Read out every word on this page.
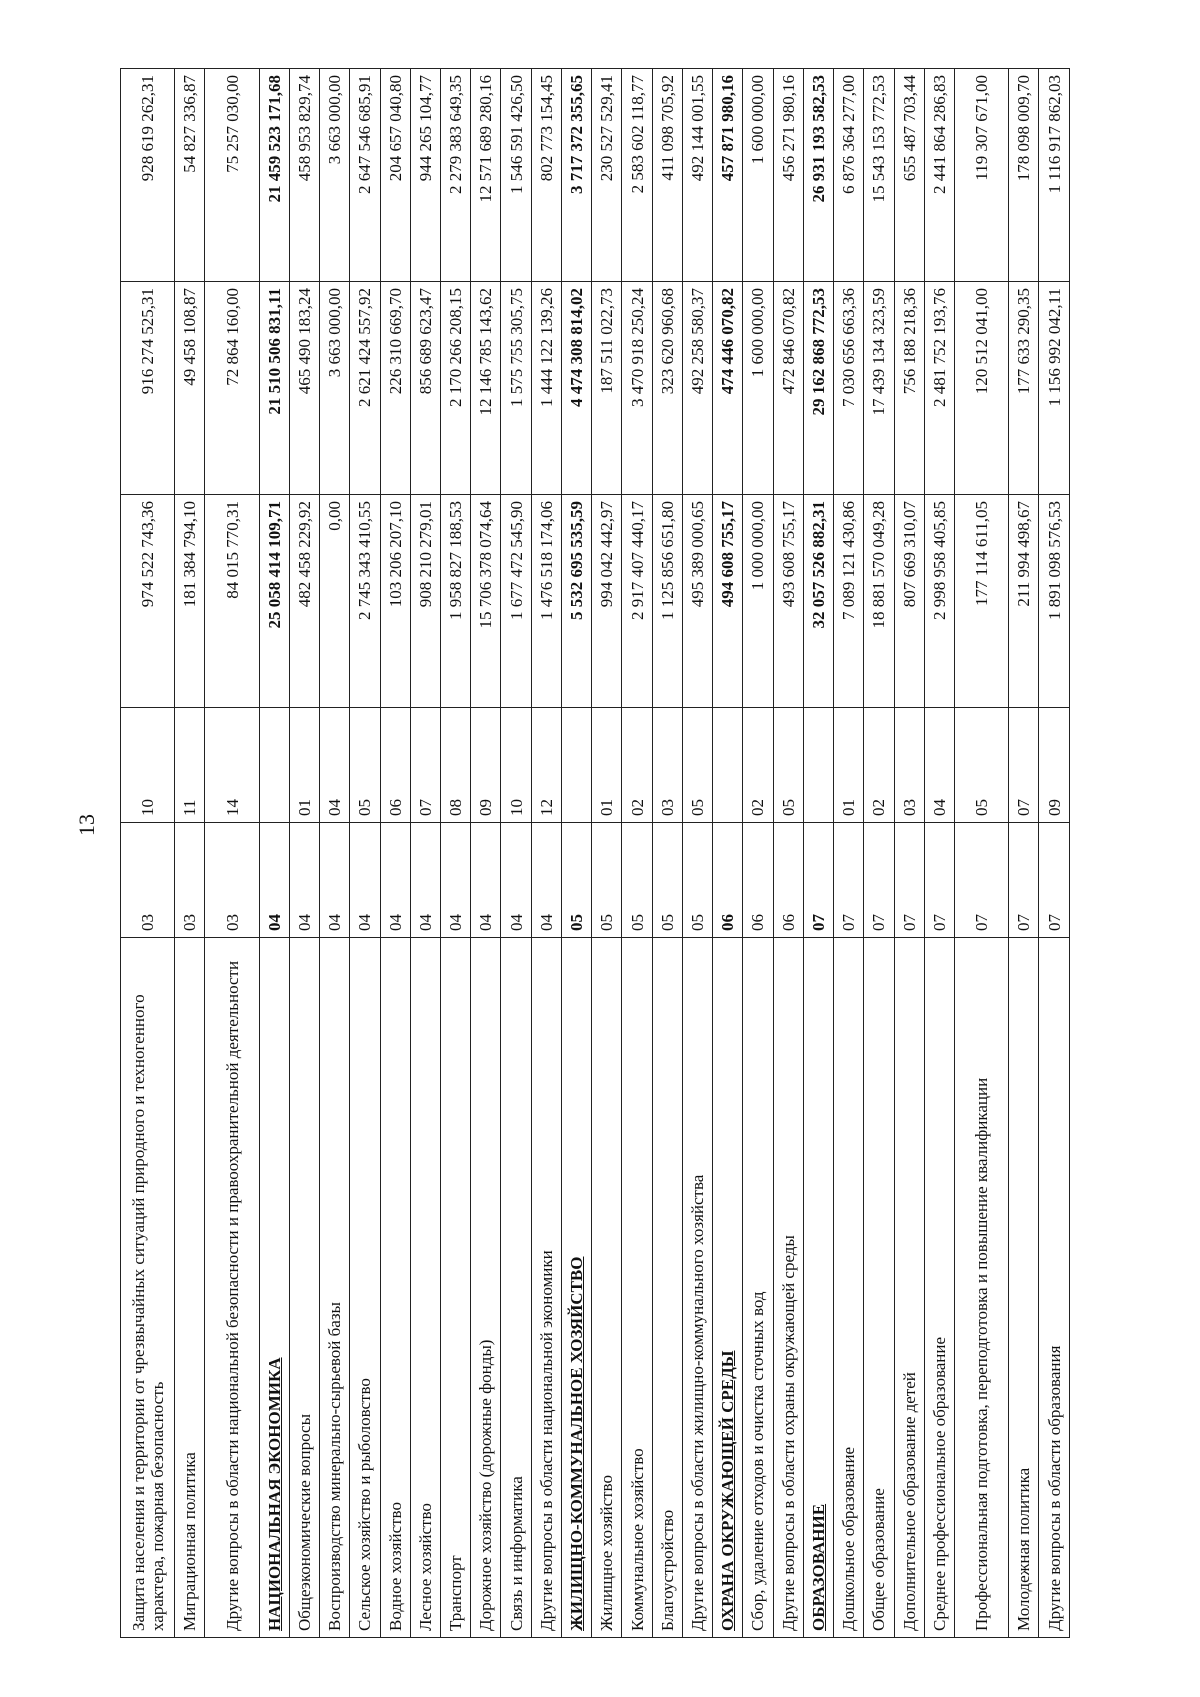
13
Защита населения и территории от чрезвычайных ситуаций природного и техногенного характера, пожарная безопасность	03	10	974 522 743,36	916 274 525,31	928 619 262,31
Миграционная политика	03	11	181 384 794,10	49 458 108,87	54 827 336,87
Другие вопросы в области национальной безопасности и правоохранительной деятельности	03	14	84 015 770,31	72 864 160,00	75 257 030,00
НАЦИОНАЛЬНАЯ ЭКОНОМИКА	04		25 058 414 109,71	21 510 506 831,11	21 459 523 171,68
Общеэкономические вопросы	04	01	482 458 229,92	465 490 183,24	458 953 829,74
Воспроизводство минерально-сырьевой базы	04	04	0,00	3 663 000,00	3 663 000,00
Сельское хозяйство и рыболовство	04	05	2 745 343 410,55	2 621 424 557,92	2 647 546 685,91
Водное хозяйство	04	06	103 206 207,10	226 310 669,70	204 657 040,80
Лесное хозяйство	04	07	908 210 279,01	856 689 623,47	944 265 104,77
Транспорт	04	08	1 958 827 188,53	2 170 266 208,15	2 279 383 649,35
Дорожное хозяйство (дорожные фонды)	04	09	15 706 378 074,64	12 146 785 143,62	12 571 689 280,16
Связь и информатика	04	10	1 677 472 545,90	1 575 755 305,75	1 546 591 426,50
Другие вопросы в области национальной экономики	04	12	1 476 518 174,06	1 444 122 139,26	802 773 154,45
ЖИЛИЩНО-КОММУНАЛЬНОЕ ХОЗЯЙСТВО	05		5 532 695 535,59	4 474 308 814,02	3 717 372 355,65
Жилищное хозяйство	05	01	994 042 442,97	187 511 022,73	230 527 529,41
Коммунальное хозяйство	05	02	2 917 407 440,17	3 470 918 250,24	2 583 602 118,77
Благоустройство	05	03	1 125 856 651,80	323 620 960,68	411 098 705,92
Другие вопросы в области жилищно-коммунального хозяйства	05	05	495 389 000,65	492 258 580,37	492 144 001,55
ОХРАНА ОКРУЖАЮЩЕЙ СРЕДЫ	06		494 608 755,17	474 446 070,82	457 871 980,16
Сбор, удаление отходов и очистка сточных вод	06	02	1 000 000,00	1 600 000,00	1 600 000,00
Другие вопросы в области охраны окружающей среды	06	05	493 608 755,17	472 846 070,82	456 271 980,16
ОБРАЗОВАНИЕ	07		32 057 526 882,31	29 162 868 772,53	26 931 193 582,53
Дошкольное образование	07	01	7 089 121 430,86	7 030 656 663,36	6 876 364 277,00
Общее образование	07	02	18 881 570 049,28	17 439 134 323,59	15 543 153 772,53
Дополнительное образование детей	07	03	807 669 310,07	756 188 218,36	655 487 703,44
Среднее профессиональное образование	07	04	2 998 958 405,85	2 481 752 193,76	2 441 864 286,83
Профессиональная подготовка, переподготовка и повышение квалификации	07	05	177 114 611,05	120 512 041,00	119 307 671,00
Молодежная политика	07	07	211 994 498,67	177 633 290,35	178 098 009,70
Другие вопросы в области образования	07	09	1 891 098 576,53	1 156 992 042,11	1 116 917 862,03
